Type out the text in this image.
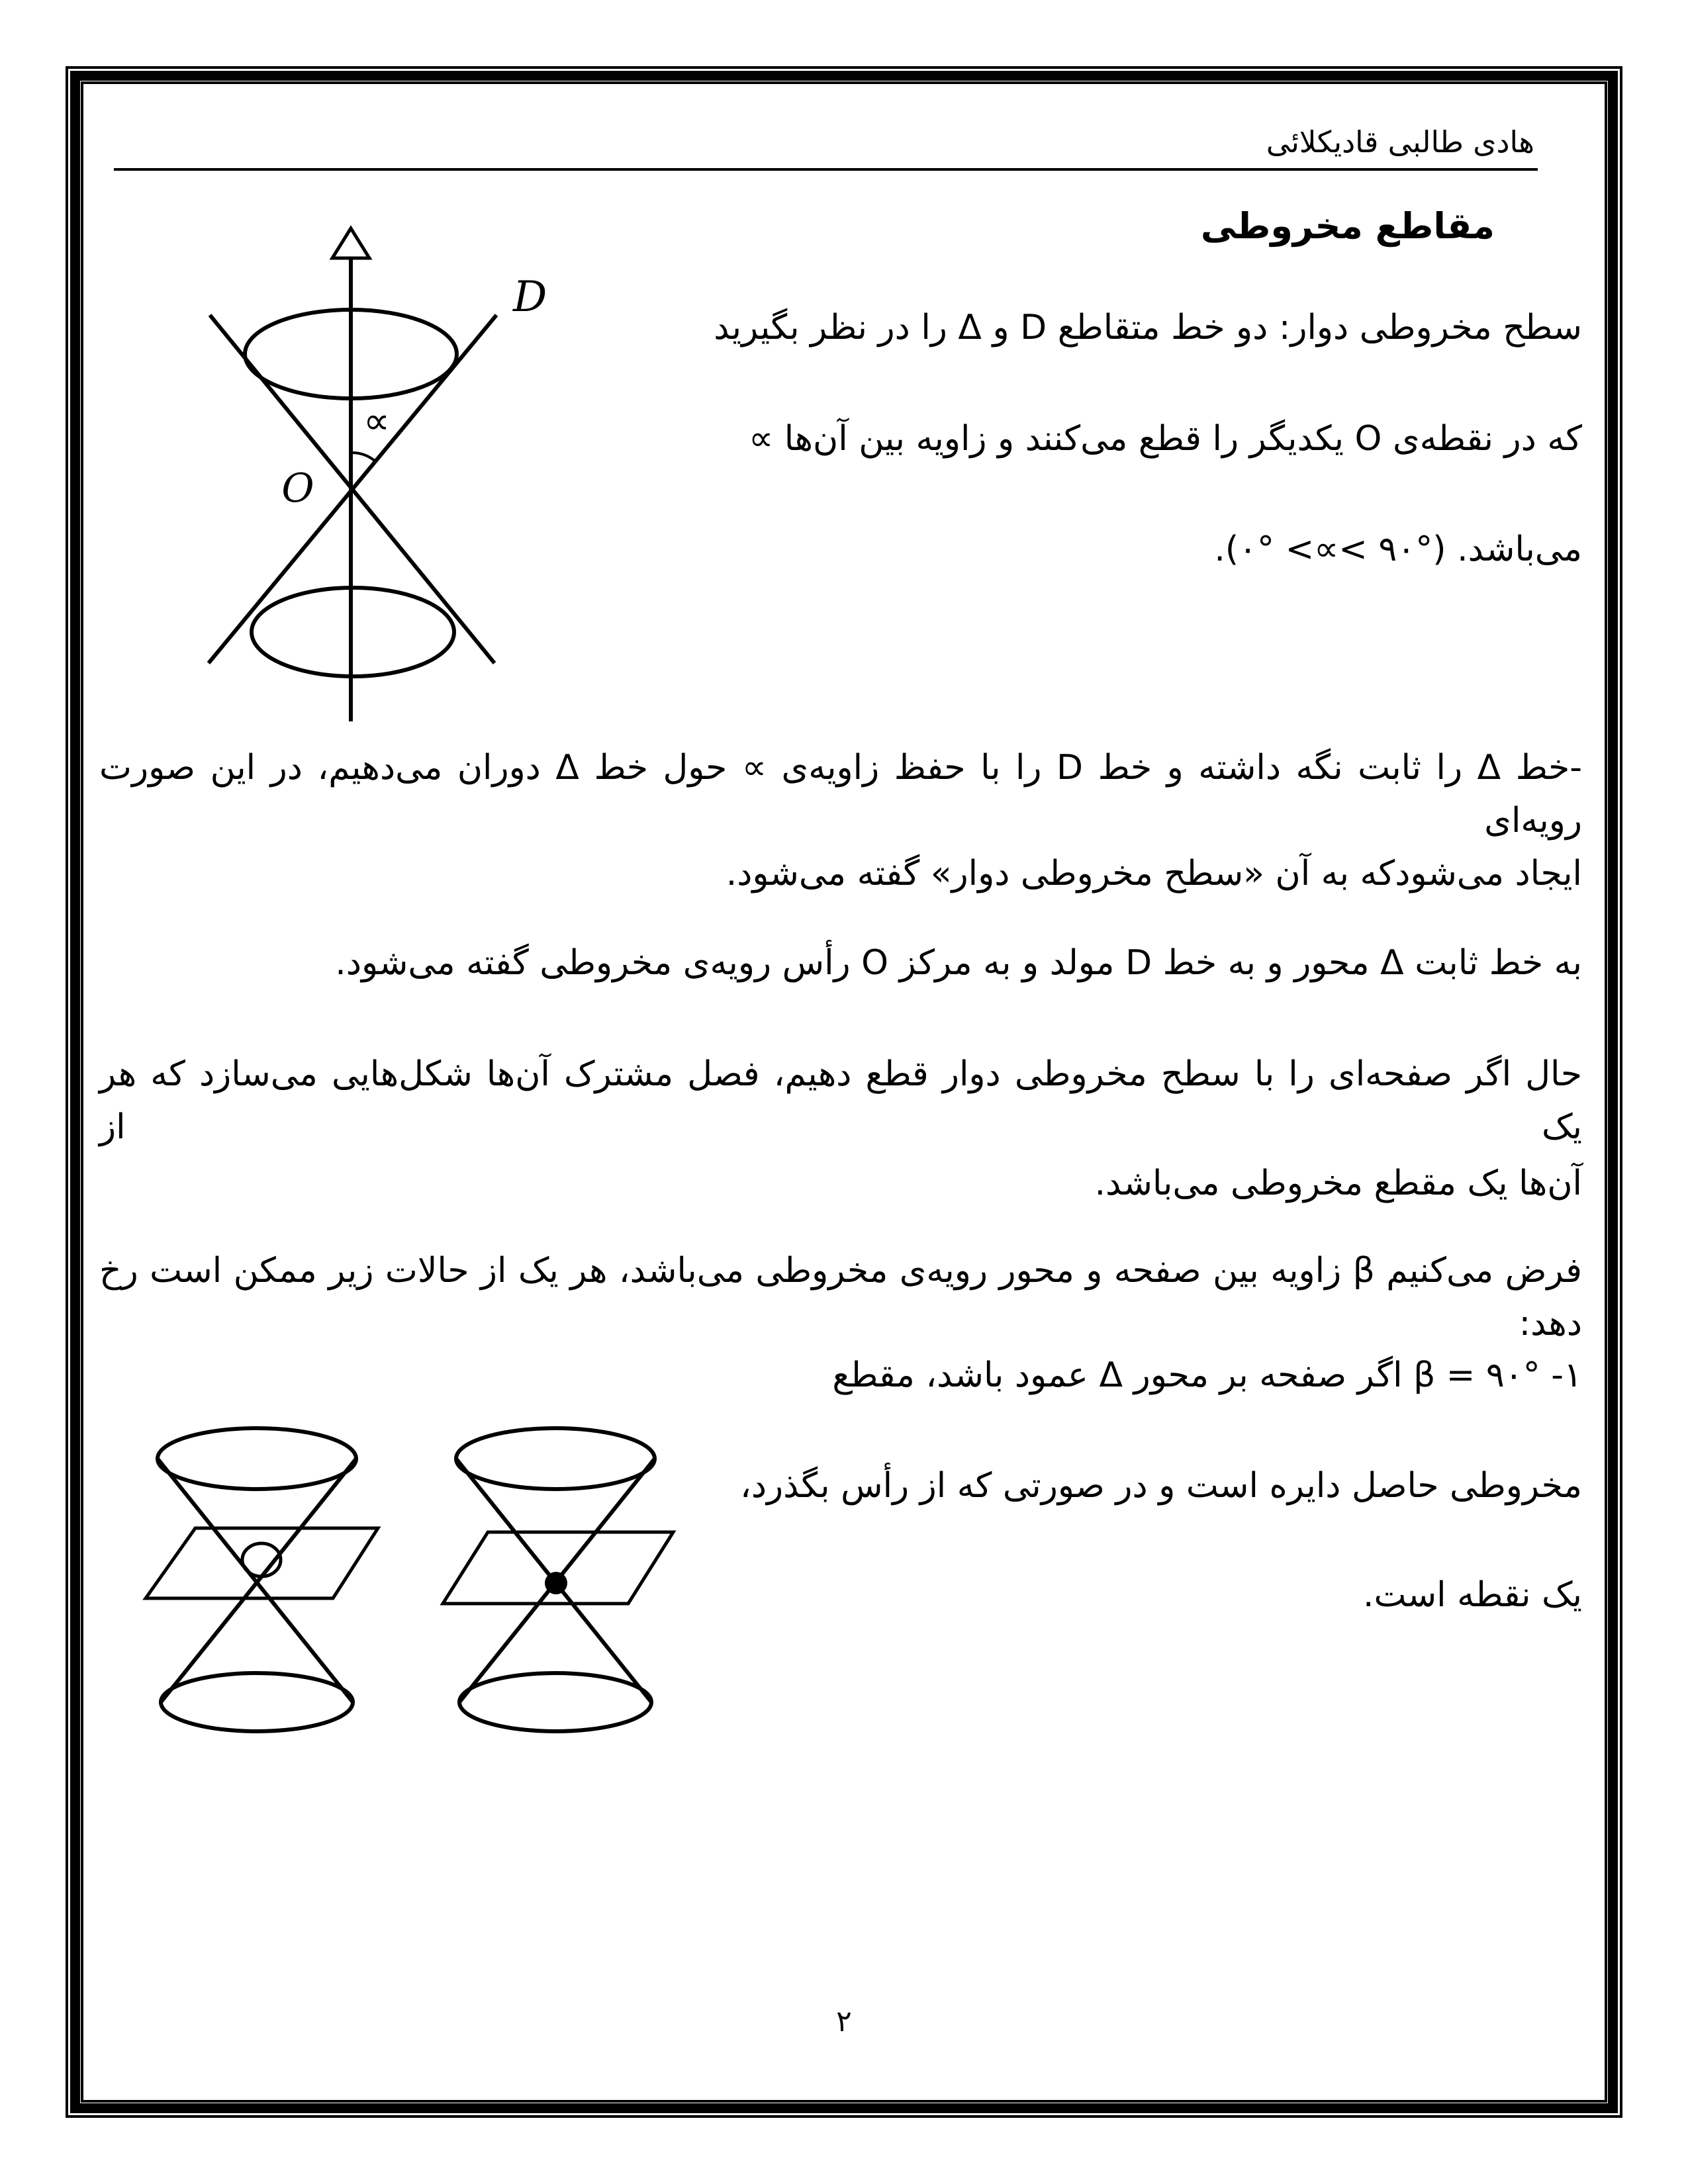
هادی طالبی قادیکلائی
مقاطع مخروطی
سطح مخروطی دوار: دو خط متقاطع D و Δ را در نظر بگیرید
که در نقطه‌ی O یکدیگر را قطع می‌کنند و زاویه بین آن‌ها ∝
می‌باشد. ⁦(۰° <∝< ۹۰°)⁩.
D
O
∝
-خط Δ را ثابت نگه داشته و خط D را با حفظ زاویه‌ی ∝ حول خط Δ دوران می‌دهیم، در این صورت رویه‌ای
ایجاد می‌شودکه به آن «سطح مخروطی دوار» گفته می‌شود.
به خط ثابت Δ محور و به خط D مولد و به مرکز O رأس رویه‌ی مخروطی گفته می‌شود.
حال اگر صفحه‌ای را با سطح مخروطی دوار قطع دهیم، فصل مشترک آن‌ها شکل‌هایی می‌سازد که هر یک از
آن‌ها یک مقطع مخروطی می‌باشد.
فرض می‌کنیم β زاویه بین صفحه و محور رویه‌ی مخروطی می‌باشد، هر یک از حالات زیر ممکن است رخ دهد:
۱- ⁦β = ۹۰°⁩ اگر صفحه بر محور Δ عمود باشد، مقطع
مخروطی حاصل دایره است و در صورتی که از رأس بگذرد،
یک نقطه است.
۲
